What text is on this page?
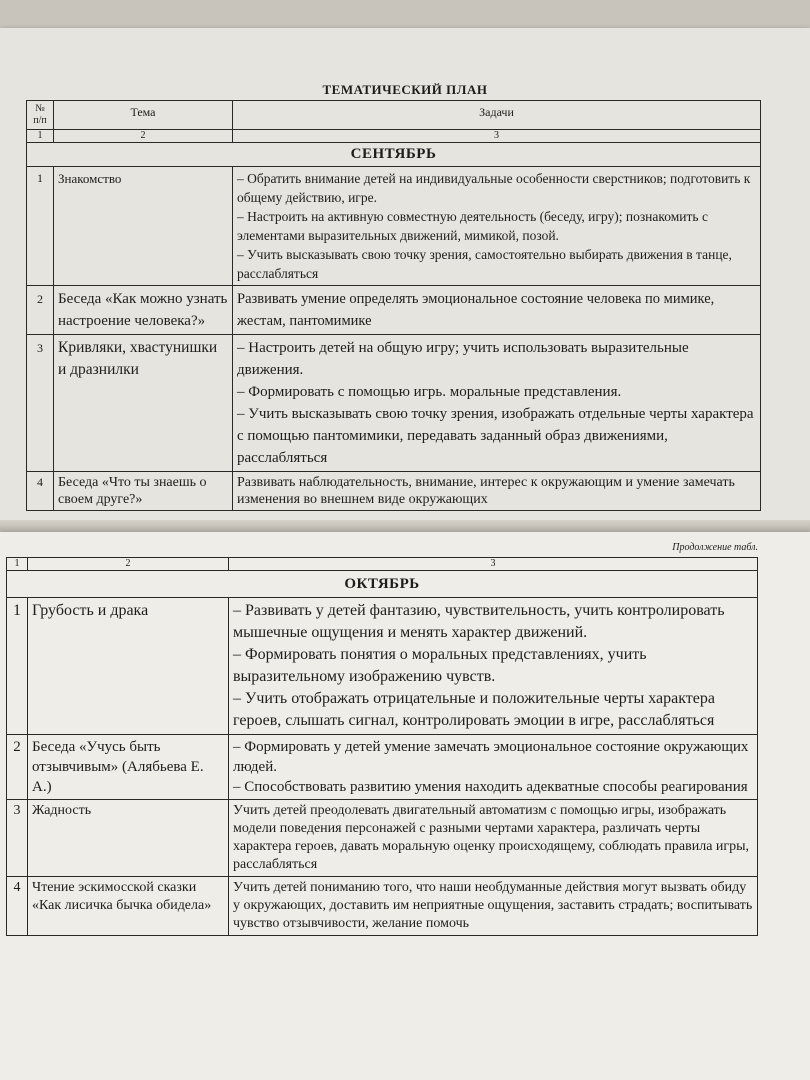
ТЕМАТИЧЕСКИЙ ПЛАН
№ п/п	Тема	Задачи
1	2	3
СЕНТЯБРЬ		
1	Знакомство	– Обратить внимание детей на индивидуальные особенности сверстников; подготовить к общему действию, игре.
– Настроить на активную совместную деятельность (беседу, игру); познакомить с элементами выразительных движений, мимикой, позой.
– Учить высказывать свою точку зрения, самостоятельно выбирать движения в танце, расслабляться

2	Беседа «Как можно узнать настроение человека?»	Развивать умение определять эмоциональное состояние человека по мимике, жестам, пантомимике

3	Кривляки, хвастунишки и дразнилки	– Настроить детей на общую игру; учить использовать выразительные движения.
– Формировать с помощью игрь. моральные представления.
– Учить высказывать свою точку зрения, изображать отдельные черты характера с помощью пантомимики, передавать заданный образ движениями, расслабляться

4	Беседа «Что ты знаешь о своем друге?»	Развивать наблюдательность, внимание, интерес к окружающим и умение замечать изменения во внешнем виде окружающих
Продолжение табл.
1	2	3
ОКТЯБРЬ		
1	Грубость и драка	– Развивать у детей фантазию, чувствительность, учить контролировать мышечные ощущения и менять характер движений.
– Формировать понятия о моральных представлениях, учить выразительному изображению чувств.
– Учить отображать отрицательные и положительные черты характера героев, слышать сигнал, контролировать эмоции в игре, расслабляться

2	Беседа «Учусь быть отзывчивым» (Алябьева Е. А.)	– Формировать у детей умение замечать эмоциональное состояние окружающих людей.
– Способствовать развитию умения находить адекватные способы реагирования

3	Жадность	Учить детей преодолевать двигательный автоматизм с помощью игры, изображать модели поведения персонажей с разными чертами характера, различать черты характера героев, давать моральную оценку происходящему, соблюдать правила игры, расслабляться

4	Чтение эскимосской сказки «Как лисичка бычка обидела»	Учить детей пониманию того, что наши необдуманные действия могут вызвать обиду у окружающих, доставить им неприятные ощущения, заставить страдать; воспитывать чувство отзывчивости, желание помочь
